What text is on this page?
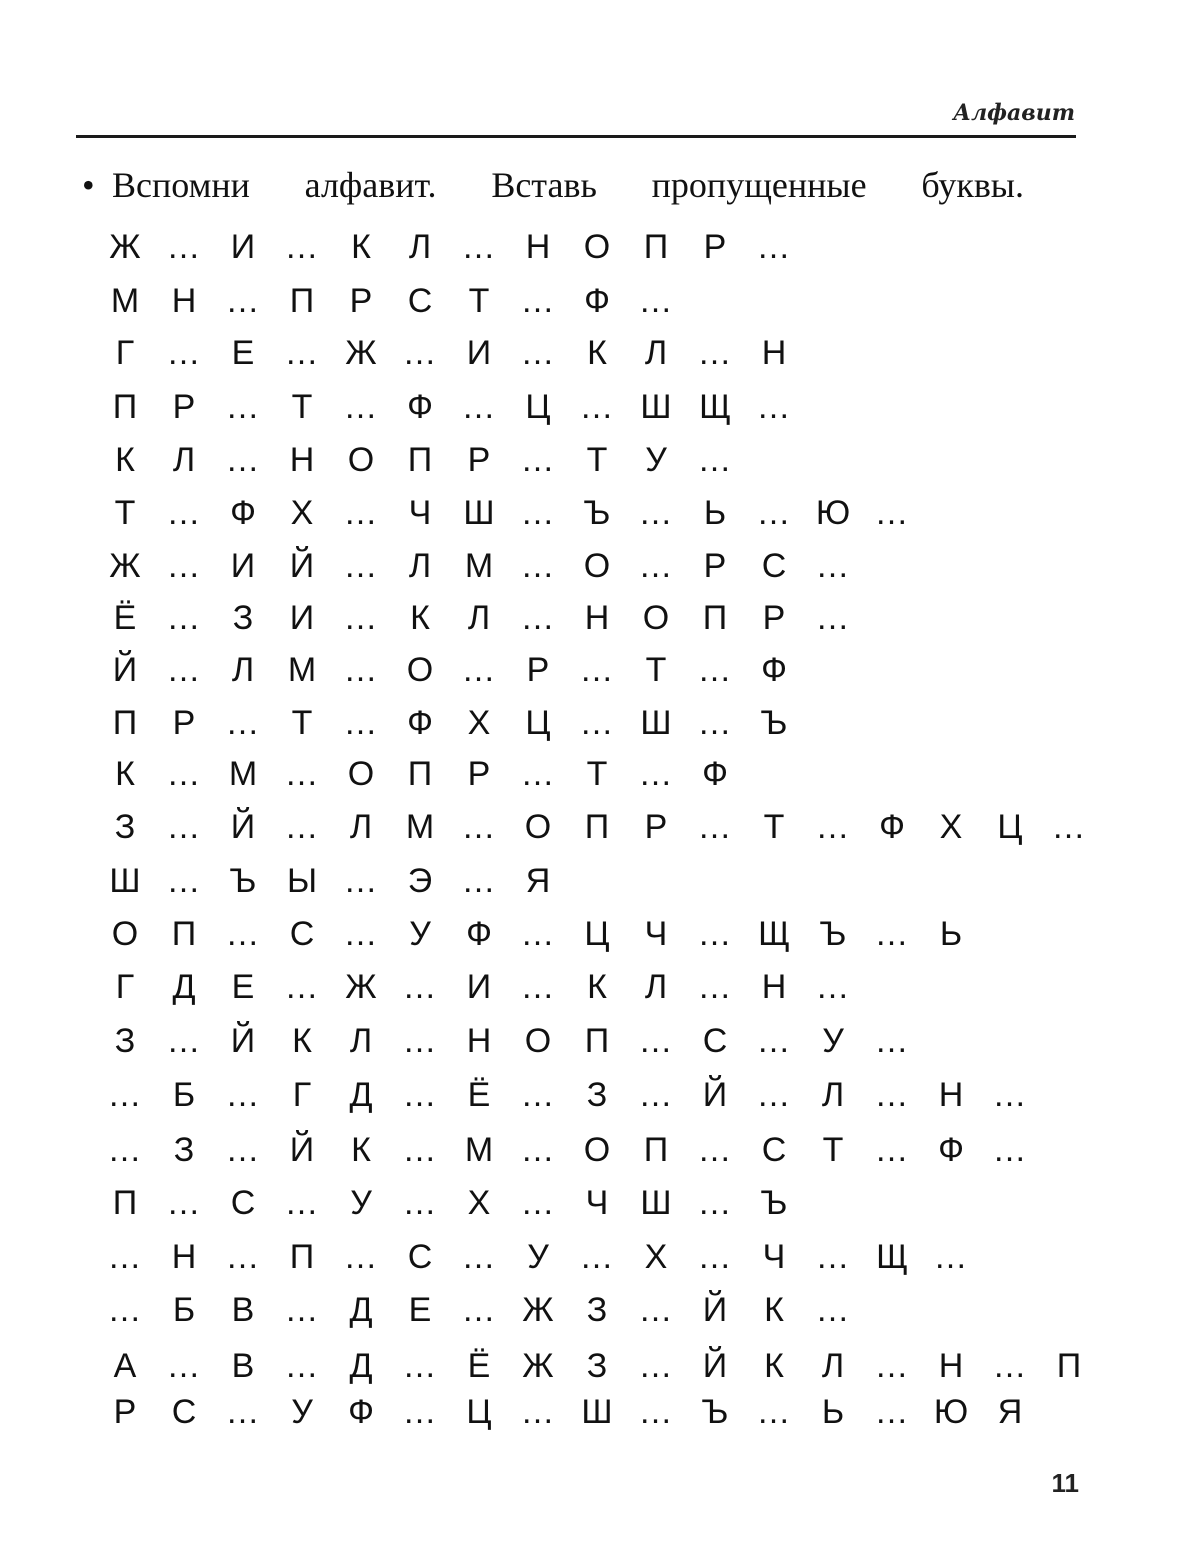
Алфавит
• Вспомни алфавит. Вставь пропущенные буквы.
Ж … И … К	Л … Н О П	Р …
М Н … П	Р	С	Т … Ф …
Г … Е … Ж … И … К	Л … Н
П	Р … Т … Ф … Ц … Ш Щ …
К	Л … Н О П	Р … Т	У …
Т … Ф	Х … Ч Ш … Ъ … Ь … Ю …
Ж … И	Й … Л М … О … Р	С …
Ё … З	И … К	Л … Н О П	Р …
Й … Л М … О … Р … Т … Ф
П	Р … Т … Ф	Х	Ц … Ш … Ъ
К … М … О П	Р … Т … Ф
З … Й … Л М … О П	Р … Т … Ф	Х	Ц …
Ш … Ъ Ы … Э … Я
О П … С … У	Ф … Ц	Ч … Щ Ъ … Ь
Г	Д	Е … Ж … И … К	Л … Н …
З … Й	К	Л … Н О П … С … У …
… Б … Г	Д … Ё … З … Й … Л … Н …
… З … Й	К … М … О П … С	Т … Ф …
П … С … У … Х … Ч Ш … Ъ
… Н … П … С … У … Х … Ч … Щ …
… Б	В … Д	Е … Ж З … Й	К …
А … В … Д … Ё Ж З … Й	К	Л … Н … П
Р	С … У	Ф … Ц … Ш … Ъ … Ь … Ю Я
11
